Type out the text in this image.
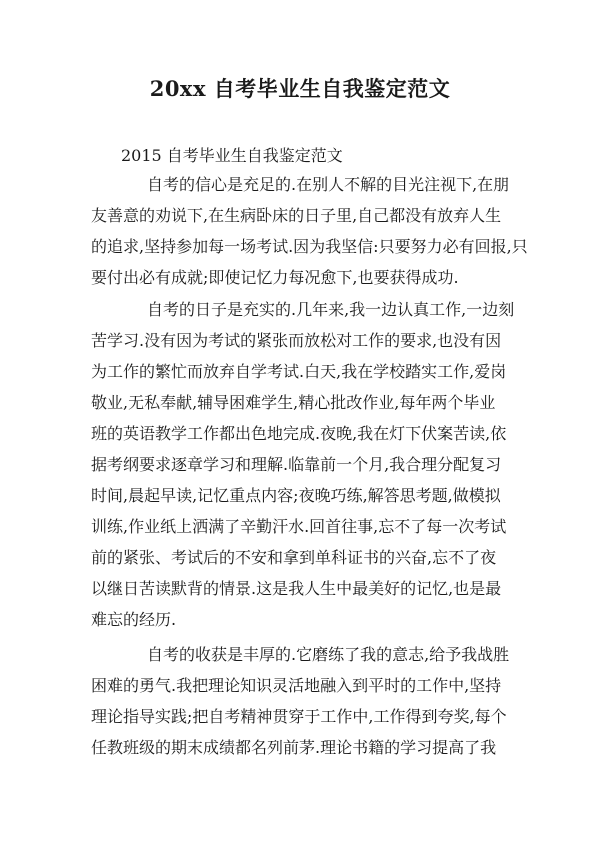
20xx 自考毕业生自我鉴定范文

2015 自考毕业生自我鉴定范文

自考的信心是充足的.在别人不解的目光注视下,在朋

友善意的劝说下,在生病卧床的日子里,自己都没有放弃人生

的追求,坚持参加每一场考试.因为我坚信:只要努力必有回报,只

要付出必有成就;即使记忆力每况愈下,也要获得成功.

自考的日子是充实的.几年来,我一边认真工作,一边刻

苦学习.没有因为考试的紧张而放松对工作的要求,也没有因

为工作的繁忙而放弃自学考试.白天,我在学校踏实工作,爱岗

敬业,无私奉献,辅导困难学生,精心批改作业,每年两个毕业

班的英语教学工作都出色地完成.夜晚,我在灯下伏案苦读,依

据考纲要求逐章学习和理解.临靠前一个月,我合理分配复习

时间,晨起早读,记忆重点内容;夜晚巧练,解答思考题,做模拟

训练,作业纸上洒满了辛勤汗水.回首往事,忘不了每一次考试

前的紧张、考试后的不安和拿到单科证书的兴奋,忘不了夜

以继日苦读默背的情景.这是我人生中最美好的记忆,也是最

难忘的经历.

自考的收获是丰厚的.它磨练了我的意志,给予我战胜

困难的勇气.我把理论知识灵活地融入到平时的工作中,坚持

理论指导实践;把自考精神贯穿于工作中,工作得到夸奖,每个

任教班级的期末成绩都名列前茅.理论书籍的学习提高了我
